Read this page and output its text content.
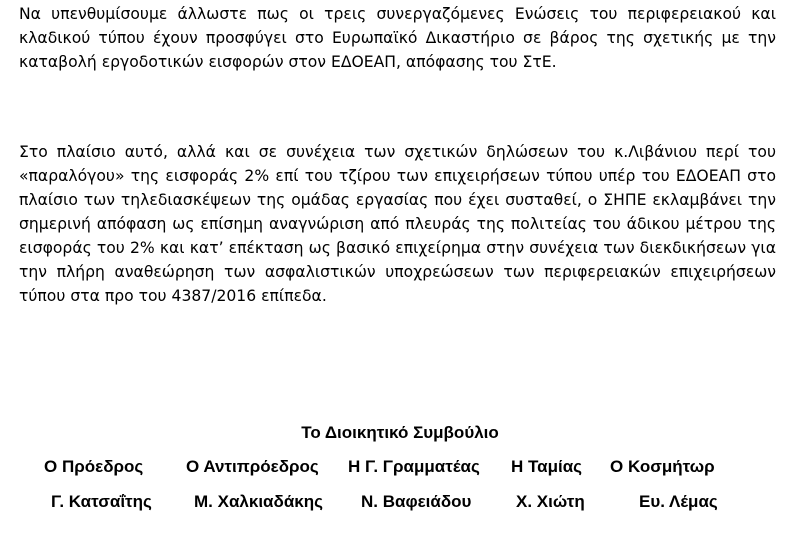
Να υπενθυμίσουμε άλλωστε πως οι τρεις συνεργαζόμενες Ενώσεις του περιφερειακού και κλαδικού τύπου έχουν προσφύγει στο Ευρωπαϊκό Δικαστήριο σε βάρος της σχετικής με την καταβολή εργοδοτικών εισφορών στον ΕΔΟΕΑΠ, απόφασης του ΣτΕ.

Στο πλαίσιο αυτό, αλλά και σε συνέχεια των σχετικών δηλώσεων του κ.Λιβάνιου περί του «παραλόγου» της εισφοράς 2% επί του τζίρου των επιχειρήσεων τύπου υπέρ του ΕΔΟΕΑΠ στο πλαίσιο των τηλεδιασκέψεων της ομάδας εργασίας που έχει συσταθεί, ο ΣΗΠΕ εκλαμβάνει την σημερινή απόφαση ως επίσημη αναγνώριση από πλευράς της πολιτείας του άδικου μέτρου της εισφοράς του 2% και κατ’ επέκταση ως βασικό επιχείρημα στην συνέχεια των διεκδικήσεων για την πλήρη αναθεώρηση των ασφαλιστικών υποχρεώσεων των περιφερειακών επιχειρήσεων τύπου στα προ του 4387/2016 επίπεδα.

Το Διοικητικό Συμβούλιο
Ο Πρόεδρος	Ο Αντιπρόεδρος Η Γ. Γραμματέας Η Ταμίας Ο Κοσμήτωρ
Γ. Κατσαΐτης Μ. Χαλκιαδάκης Ν. Βαφειάδου	Χ. Χιώτη	Ευ. Λέμας
